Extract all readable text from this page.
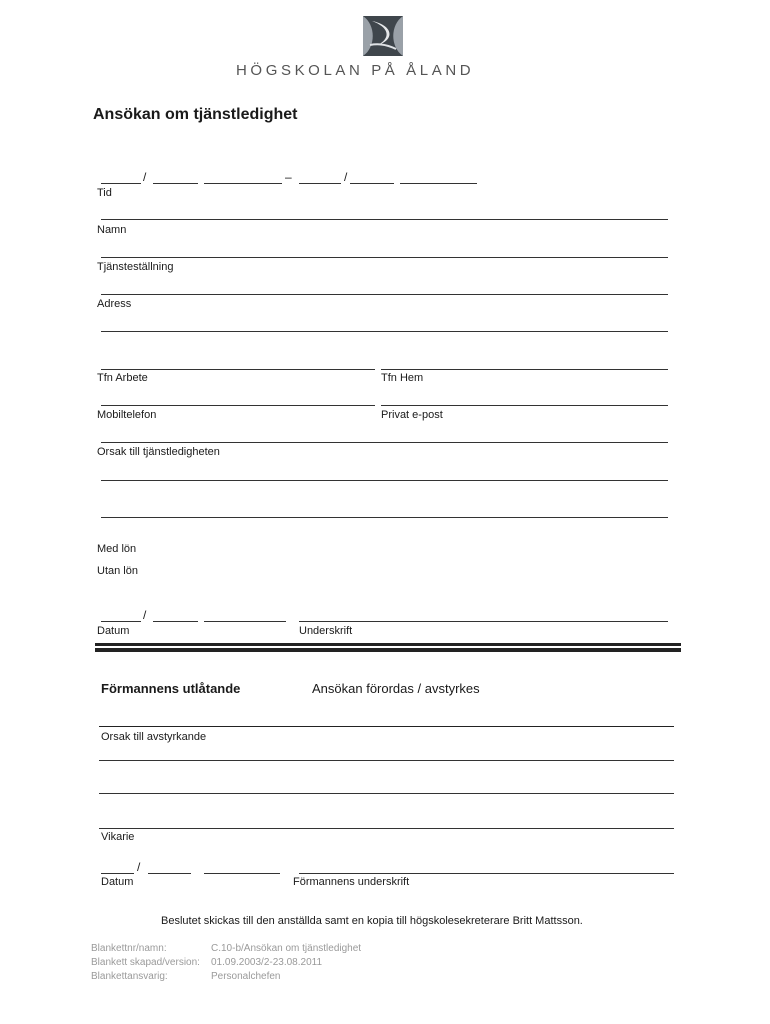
HÖGSKOLAN PÅ ÅLAND
Ansökan om tjänstledighet
/	–	/
Tid
Namn
Tjänsteställning
Adress
Tfn Arbete	Tfn Hem
Mobiltelefon	Privat e-post
Orsak till tjänstledigheten
Med lön
Utan lön
/
Datum	Underskrift
Förmannens utlåtande	Ansökan förordas / avstyrkes
Orsak till avstyrkande
Vikarie
/
Datum	Förmannens underskrift
Beslutet skickas till den anställda samt en kopia till högskolesekreterare Britt Mattsson.
Blankettnr/namn:	C.10-b/Ansökan om tjänstledighet
Blankett skapad/version: 01.09.2003/2-23.08.2011
Blankettansvarig:	Personalchefen
